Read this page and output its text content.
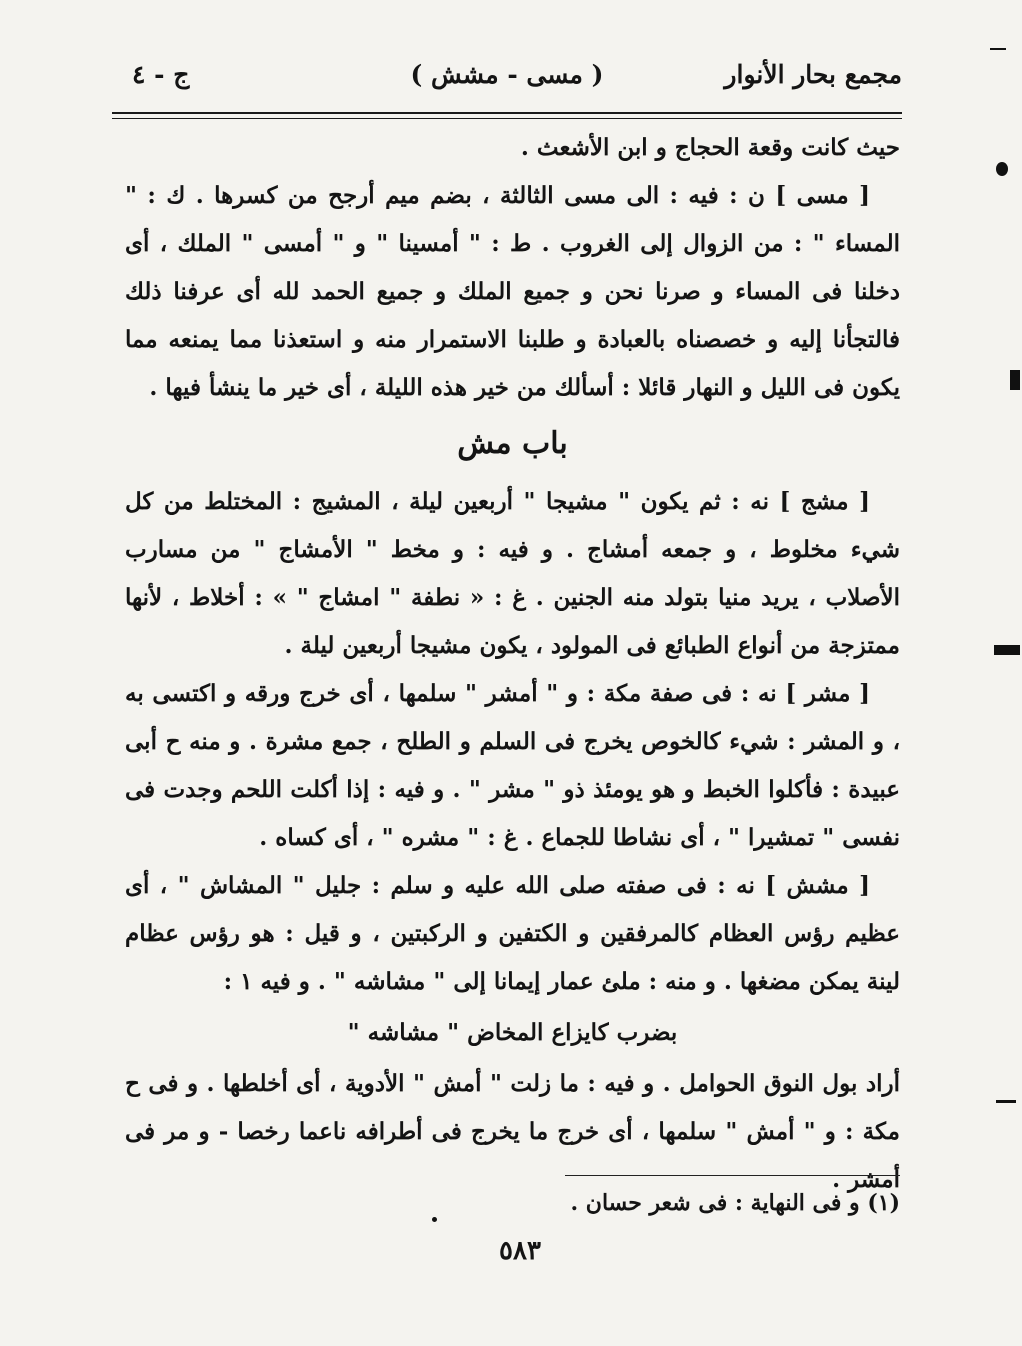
مجمع بحار الأنوار
( مسى - مشش )
ج - ٤

حيث كانت وقعة الحجاج و ابن الأشعث .

[ مسى ] ن : فيه : الى مسى الثالثة ، بضم ميم أرجح من كسرها . ك : " المساء " : من الزوال إلى الغروب . ط : " أمسينا " و " أمسى " الملك ، أى دخلنا فى المساء و صرنا نحن و جميع الملك و جميع الحمد لله أى عرفنا ذلك فالتجأنا إليه و خصصناه بالعبادة و طلبنا الاستمرار منه و استعذنا مما يمنعه مما يكون فى الليل و النهار قائلا : أسألك من خير هذه الليلة ، أى خير ما ينشأ فيها .

باب مش

[ مشج ] نه : ثم يكون " مشيجا " أربعين ليلة ، المشيج : المختلط من كل شيء مخلوط ، و جمعه أمشاج . و فيه : و مخط " الأمشاج " من مسارب الأصلاب ، يريد منيا بتولد منه الجنين . غ : « نطفة " امشاج " » : أخلاط ، لأنها ممتزجة من أنواع الطبائع فى المولود ، يكون مشيجا أربعين ليلة .

[ مشر ] نه : فى صفة مكة : و " أمشر " سلمها ، أى خرج ورقه و اكتسى به ، و المشر : شيء كالخوص يخرج فى السلم و الطلح ، جمع مشرة . و منه ح أبى عبيدة : فأكلوا الخبط و هو يومئذ ذو " مشر " . و فيه : إذا أكلت اللحم وجدت فى نفسى " تمشيرا " ، أى نشاطا للجماع . غ : " مشره " ، أى كساه .

[ مشش ] نه : فى صفته صلى الله عليه و سلم : جليل " المشاش " ، أى عظيم رؤس العظام كالمرفقين و الكتفين و الركبتين ، و قيل : هو رؤس عظام لينة يمكن مضغها . و منه : ملئ عمار إيمانا إلى " مشاشه " . و فيه ١ :

بضرب كايزاع المخاض " مشاشه "

أراد بول النوق الحوامل . و فيه : ما زلت " أمش " الأدوية ، أى أخلطها . و فى ح مكة : و " أمش " سلمها ، أى خرج ما يخرج فى أطرافه ناعما رخصا - و مر فى أمشر .

(١) و فى النهاية : فى شعر حسان .
٥٨٣
